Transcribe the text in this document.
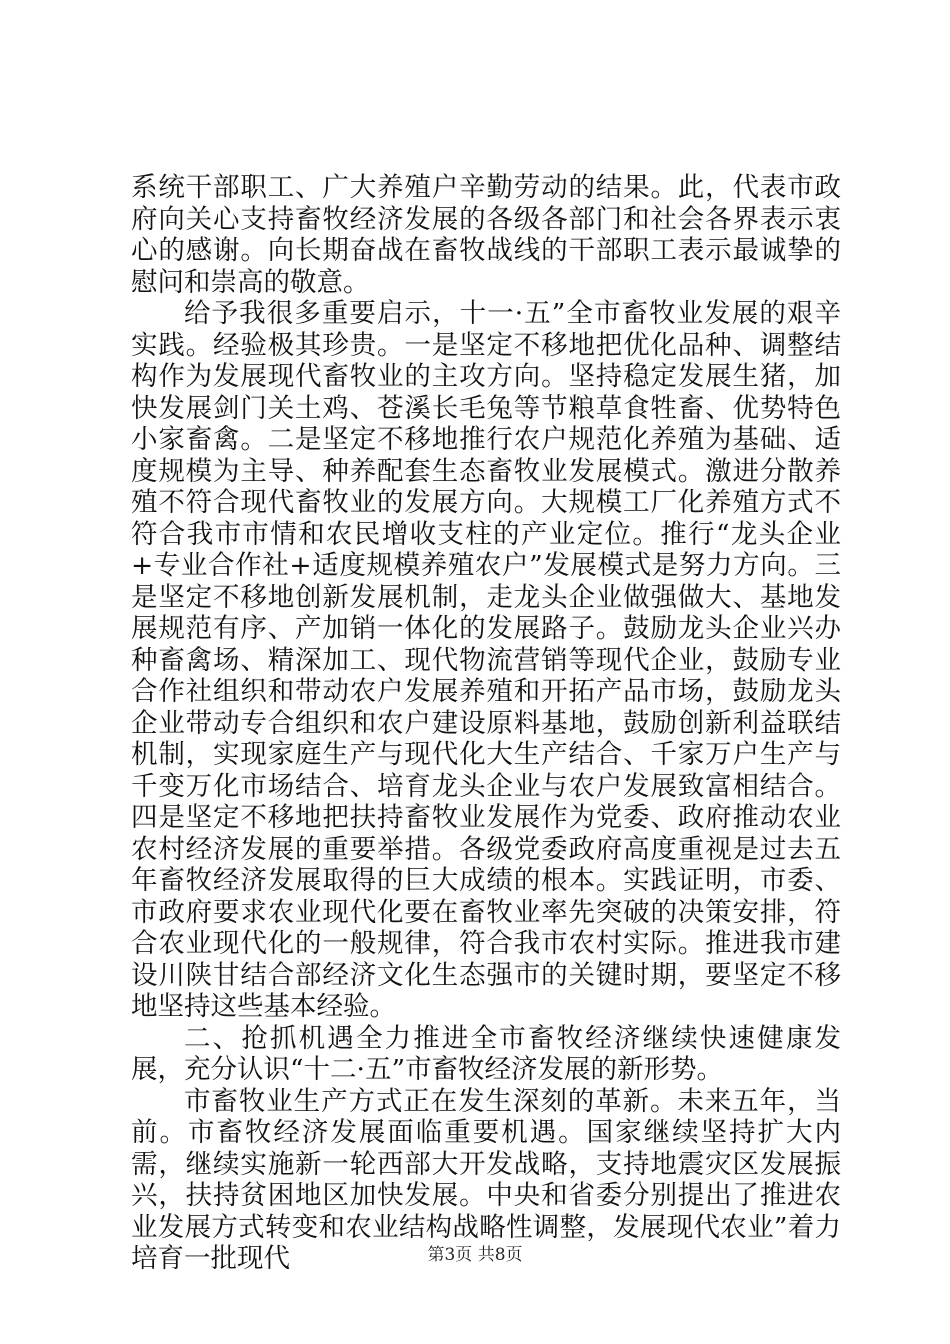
系统干部职工、广大养殖户辛勤劳动的结果。此，代表市政府向关心支持畜牧经济发展的各级各部门和社会各界表示衷心的感谢。向长期奋战在畜牧战线的干部职工表示最诚挚的慰问和崇高的敬意。

给予我很多重要启示，十一·五”全市畜牧业发展的艰辛实践。经验极其珍贵。一是坚定不移地把优化品种、调整结构作为发展现代畜牧业的主攻方向。坚持稳定发展生猪，加快发展剑门关土鸡、苍溪长毛兔等节粮草食牲畜、优势特色小家畜禽。二是坚定不移地推行农户规范化养殖为基础、适度规模为主导、种养配套生态畜牧业发展模式。激进分散养殖不符合现代畜牧业的发展方向。大规模工厂化养殖方式不符合我市市情和农民增收支柱的产业定位。推行“龙头企业+专业合作社+适度规模养殖农户”发展模式是努力方向。三是坚定不移地创新发展机制，走龙头企业做强做大、基地发展规范有序、产加销一体化的发展路子。鼓励龙头企业兴办种畜禽场、精深加工、现代物流营销等现代企业，鼓励专业合作社组织和带动农户发展养殖和开拓产品市场，鼓励龙头企业带动专合组织和农户建设原料基地，鼓励创新利益联结机制，实现家庭生产与现代化大生产结合、千家万户生产与千变万化市场结合、培育龙头企业与农户发展致富相结合。四是坚定不移地把扶持畜牧业发展作为党委、政府推动农业农村经济发展的重要举措。各级党委政府高度重视是过去五年畜牧经济发展取得的巨大成绩的根本。实践证明，市委、市政府要求农业现代化要在畜牧业率先突破的决策安排，符合农业现代化的一般规律，符合我市农村实际。推进我市建设川陕甘结合部经济文化生态强市的关键时期，要坚定不移地坚持这些基本经验。

二、抢抓机遇全力推进全市畜牧经济继续快速健康发展，充分认识“十二·五”市畜牧经济发展的新形势。

市畜牧业生产方式正在发生深刻的革新。未来五年，当前。市畜牧经济发展面临重要机遇。国家继续坚持扩大内需，继续实施新一轮西部大开发战略，支持地震灾区发展振兴，扶持贫困地区加快发展。中央和省委分别提出了推进农业发展方式转变和农业结构战略性调整，发展现代农业”着力培育一批现代	第3页 共8页
